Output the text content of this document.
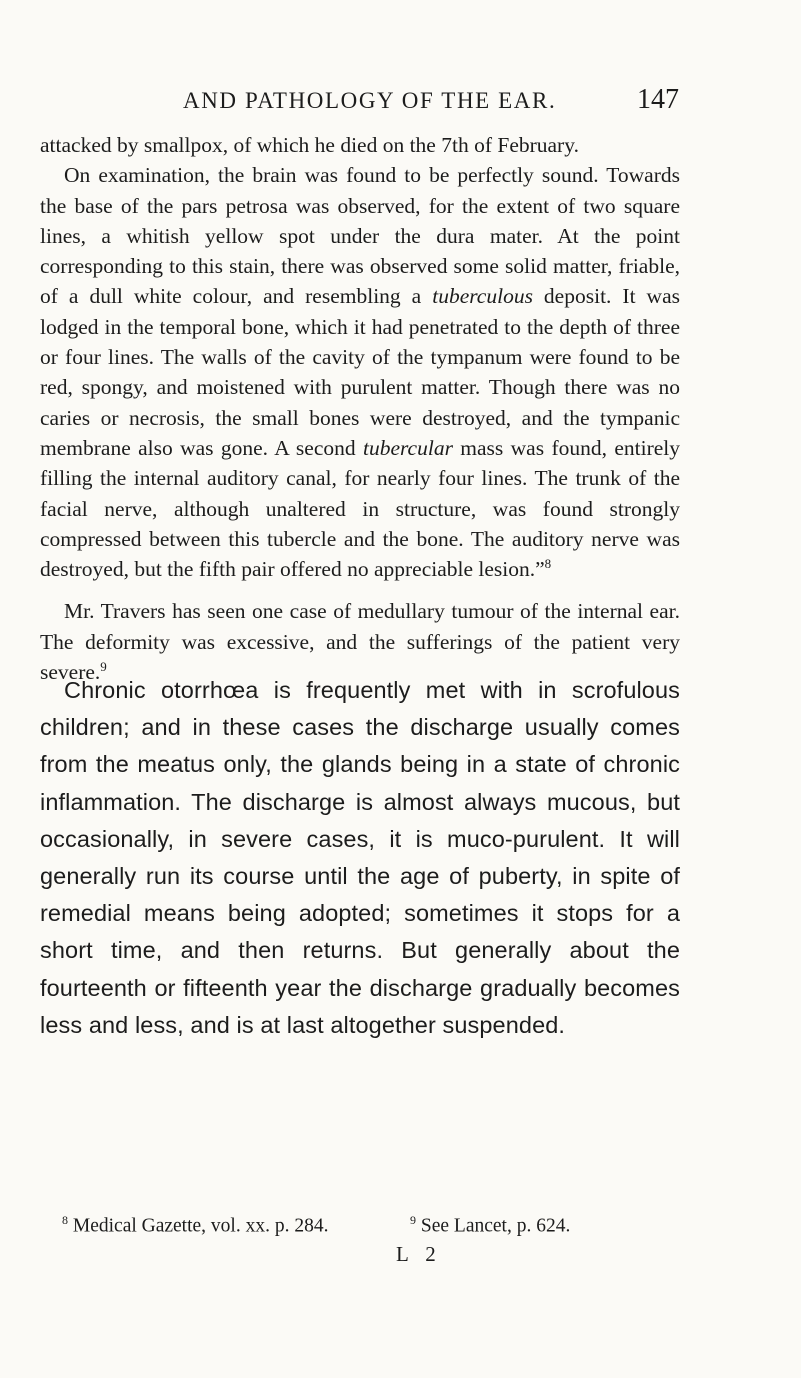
AND PATHOLOGY OF THE EAR.	147

attacked by smallpox, of which he died on the 7th of February.

On examination, the brain was found to be perfectly sound. Towards the base of the pars petrosa was observed, for the extent of two square lines, a whitish yellow spot under the dura mater. At the point corresponding to this stain, there was observed some solid matter, friable, of a dull white colour, and resembling a tuberculous deposit. It was lodged in the temporal bone, which it had penetrated to the depth of three or four lines. The walls of the cavity of the tympanum were found to be red, spongy, and moistened with purulent matter. Though there was no caries or necrosis, the small bones were destroyed, and the tympanic membrane also was gone. A second tubercular mass was found, entirely filling the internal auditory canal, for nearly four lines. The trunk of the facial nerve, although unaltered in structure, was found strongly compressed between this tubercle and the bone. The auditory nerve was destroyed, but the fifth pair offered no appreciable lesion.”$^8$

Mr. Travers has seen one case of medullary tumour of the internal ear. The deformity was excessive, and the sufferings of the patient very severe.$^9$

Chronic otorrhœa is frequently met with in scrofulous children; and in these cases the discharge usually comes from the meatus only, the glands being in a state of chronic inflammation. The discharge is almost always mucous, but occasionally, in severe cases, it is muco-purulent. It will generally run its course until the age of puberty, in spite of remedial means being adopted; sometimes it stops for a short time, and then returns. But generally about the fourteenth or fifteenth year the discharge gradually becomes less and less, and is at last altogether suspended.

$^8$ Medical Gazette, vol. xx. p. 284.	$^9$ See Lancet, p. 624.
L 2
